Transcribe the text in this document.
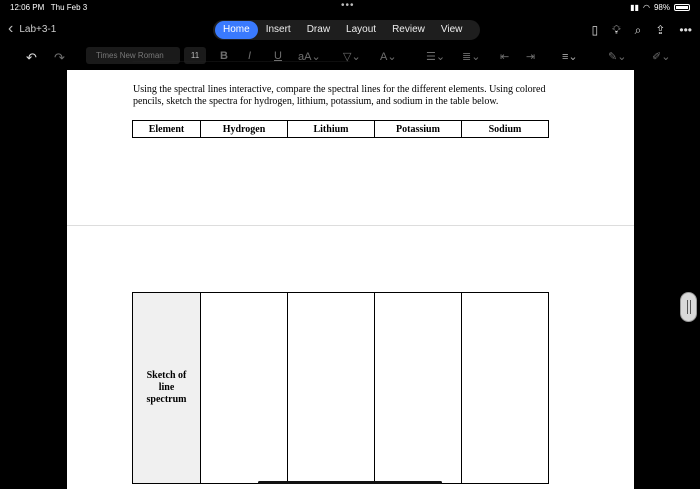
12:06 PM Thu Feb 3	•••	▮▮ ◠ 98%
‹ Lab+3-1	Home	Insert	Draw	Layout	Review	View	▯ 💡︎ ⌕ ⇪ •••
↶ ↷	B I U aA⌄ ▽⌄ A⌄	☰⌄ ≣⌄ ⇤ ⇥ ≡⌄	✎⌄ ✐⌄
Times New Roman	11
‾‾‾‾‾‾‾‾‾‾‾‾‾‾‾‾‾‾‾‾‾‾‾‾‾‾‾‾‾‾‾‾‾‾‾‾‾‾‾‾‾‾‾‾‾‾‾‾‾‾‾‾‾‾‾‾‾‾‾‾‾‾‾‾‾

Using the spectral lines interactive, compare the spectral lines for the different elements. Using colored pencils, sketch the spectra for hydrogen, lithium, potassium, and sodium in the table below.

Element	Hydrogen	Lithium	Potassium	Sodium
Sketch of line spectrum				
